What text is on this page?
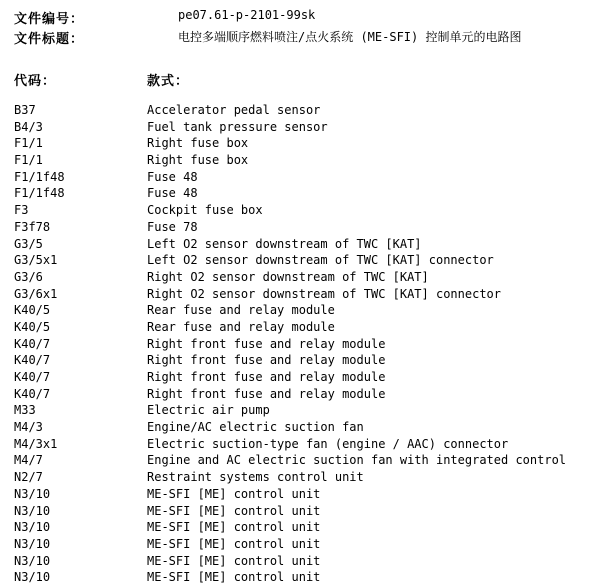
文件编号：	pe07.61-p-2101-99sk
文件标题：	电控多端顺序燃料喷注/点火系统 (ME-SFI) 控制单元的电路图
代码：	款式：
B37	Accelerator pedal sensor
B4/3	Fuel tank pressure sensor
F1/1	Right fuse box
F1/1	Right fuse box
F1/1f48	Fuse 48
F1/1f48	Fuse 48
F3	Cockpit fuse box
F3f78	Fuse 78
G3/5	Left O2 sensor downstream of TWC [KAT]
G3/5x1	Left O2 sensor downstream of TWC [KAT] connector
G3/6	Right O2 sensor downstream of TWC [KAT]
G3/6x1	Right O2 sensor downstream of TWC [KAT] connector
K40/5	Rear fuse and relay module
K40/5	Rear fuse and relay module
K40/7	Right front fuse and relay module
K40/7	Right front fuse and relay module
K40/7	Right front fuse and relay module
K40/7	Right front fuse and relay module
M33	Electric air pump
M4/3	Engine/AC electric suction fan
M4/3x1	Electric suction-type fan (engine / AAC) connector
M4/7	Engine and AC electric suction fan with integrated control
N2/7	Restraint systems control unit
N3/10	ME-SFI [ME] control unit
N3/10	ME-SFI [ME] control unit
N3/10	ME-SFI [ME] control unit
N3/10	ME-SFI [ME] control unit
N3/10	ME-SFI [ME] control unit
N3/10	ME-SFI [ME] control unit
